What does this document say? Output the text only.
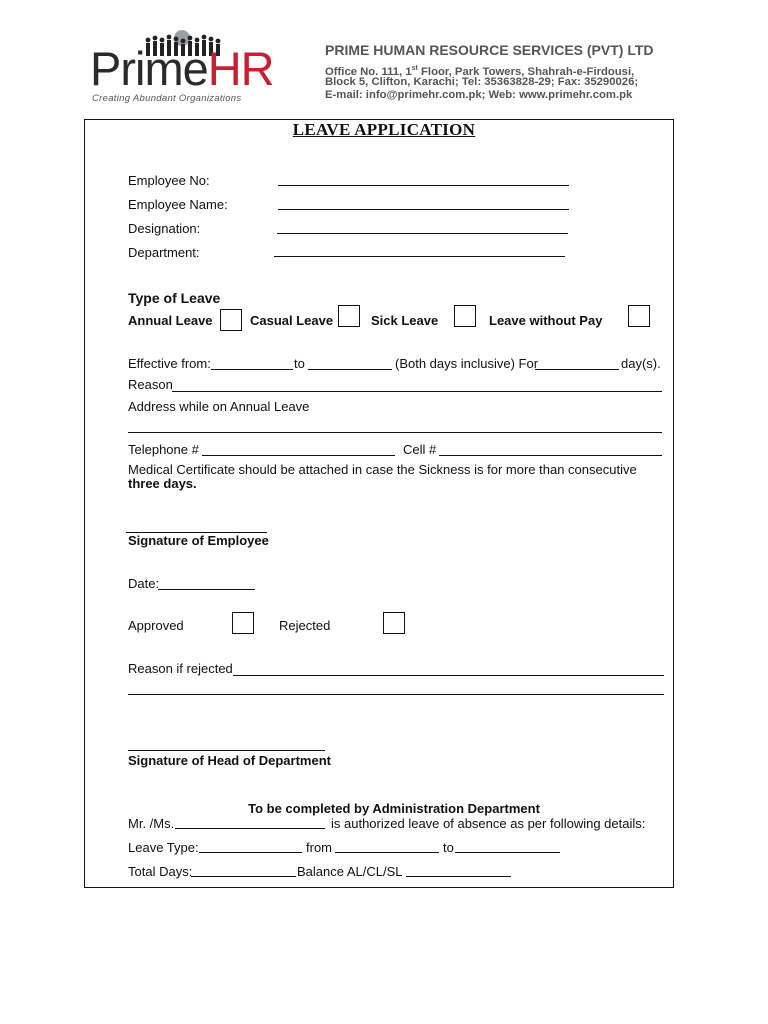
PrimeHR
Creating Abundant Organizations
PRIME HUMAN RESOURCE SERVICES (PVT) LTD
Office No. 111, 1st Floor, Park Towers, Shahrah-e-Firdousi,
Block 5, Clifton, Karachi; Tel: 35363828-29; Fax: 35290026;
E-mail: info@primehr.com.pk; Web: www.primehr.com.pk
LEAVE APPLICATION
Employee No:
Employee Name:
Designation:
Department:
Type of Leave
Annual Leave	Casual Leave	Sick Leave	Leave without Pay
Effective from:	to	(Both days inclusive) For	day(s).
Reason
Address while on Annual Leave
Telephone #	Cell #
Medical Certificate should be attached in case the Sickness is for more than consecutive
three days.
Signature of Employee
Date:
Approved	Rejected
Reason if rejected
Signature of Head of Department
To be completed by Administration Department
Mr. /Ms.	is authorized leave of absence as per following details:
Leave Type:	from	to
Total Days:	Balance AL/CL/SL
